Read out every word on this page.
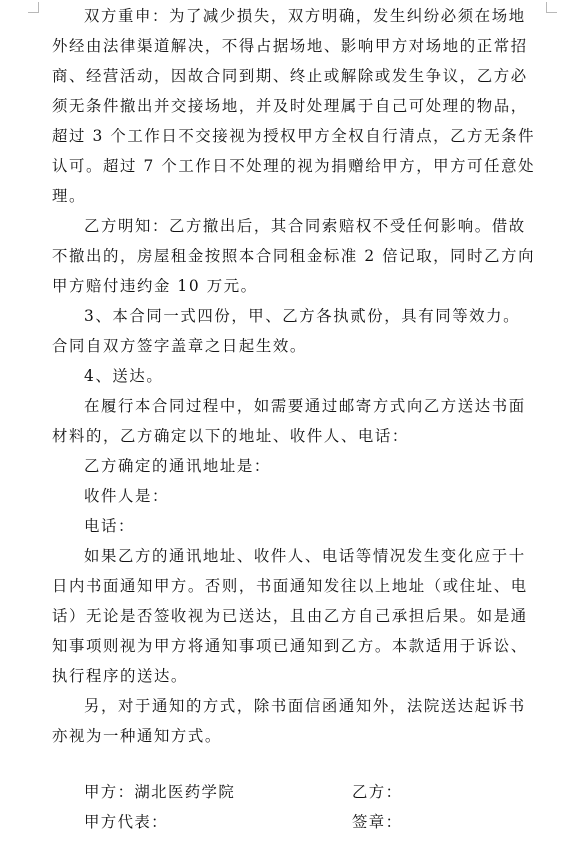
双方重申：为了减少损失，双方明确，发生纠纷必须在场地
外经由法律渠道解决，不得占据场地、影响甲方对场地的正常招
商、经营活动，因故合同到期、终止或解除或发生争议，乙方必
须无条件撤出并交接场地，并及时处理属于自己可处理的物品，
超过 3 个工作日不交接视为授权甲方全权自行清点，乙方无条件
认可。超过 7 个工作日不处理的视为捐赠给甲方，甲方可任意处
理。
乙方明知：乙方撤出后，其合同索赔权不受任何影响。借故
不撤出的，房屋租金按照本合同租金标准 2 倍记取，同时乙方向
甲方赔付违约金 10 万元。
3、本合同一式四份，甲、乙方各执贰份，具有同等效力。
合同自双方签字盖章之日起生效。
4、送达。
在履行本合同过程中，如需要通过邮寄方式向乙方送达书面
材料的，乙方确定以下的地址、收件人、电话：
乙方确定的通讯地址是：
收件人是：
电话：
如果乙方的通讯地址、收件人、电话等情况发生变化应于十
日内书面通知甲方。否则，书面通知发往以上地址（或住址、电
话）无论是否签收视为已送达，且由乙方自己承担后果。如是通
知事项则视为甲方将通知事项已通知到乙方。本款适用于诉讼、
执行程序的送达。
另，对于通知的方式，除书面信函通知外，法院送达起诉书
亦视为一种通知方式。
甲方：湖北医药学院	乙方：
甲方代表：	签章：
